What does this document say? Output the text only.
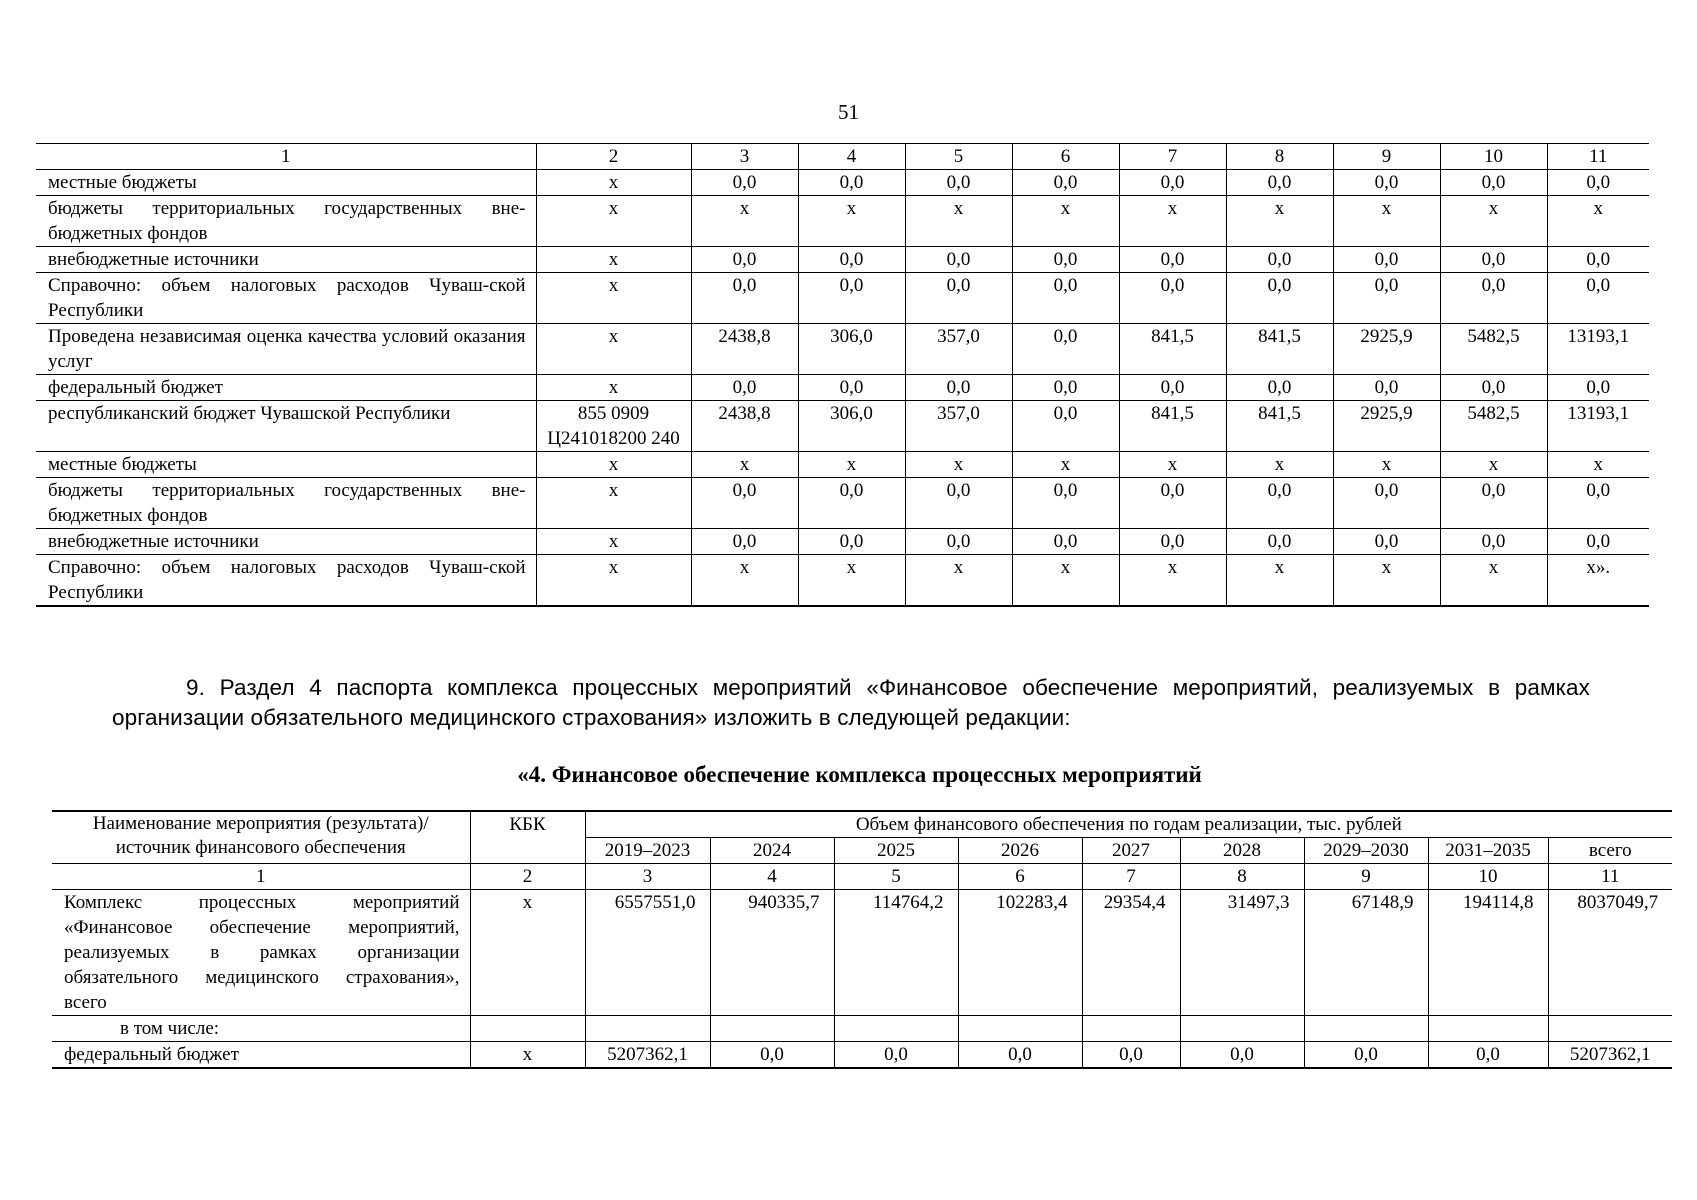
51
1	2	3	4	5	6	7	8	9	10	11
местные бюджеты	x	0,0	0,0	0,0	0,0	0,0	0,0	0,0	0,0	0,0
бюджеты территориальных государственных вне-бюджетных фондов	x	x	x	x	x	x	x	x	x	x
внебюджетные источники	x	0,0	0,0	0,0	0,0	0,0	0,0	0,0	0,0	0,0
Справочно: объем налоговых расходов Чуваш-ской Республики	x	0,0	0,0	0,0	0,0	0,0	0,0	0,0	0,0	0,0
Проведена независимая оценка качества условий оказания услуг	x	2438,8	306,0	357,0	0,0	841,5	841,5	2925,9	5482,5	13193,1
федеральный бюджет	x	0,0	0,0	0,0	0,0	0,0	0,0	0,0	0,0	0,0
республиканский бюджет Чувашской Республики	855 0909 Ц241018200 240	2438,8	306,0	357,0	0,0	841,5	841,5	2925,9	5482,5	13193,1
местные бюджеты	x	x	x	x	x	x	x	x	x	x
бюджеты территориальных государственных вне-бюджетных фондов	x	0,0	0,0	0,0	0,0	0,0	0,0	0,0	0,0	0,0
внебюджетные источники	x	0,0	0,0	0,0	0,0	0,0	0,0	0,0	0,0	0,0
Справочно: объем налоговых расходов Чуваш-ской Республики	x	x	x	x	x	x	x	x	x	x».
9. Раздел 4 паспорта комплекса процессных мероприятий «Финансовое обеспечение мероприятий, реализуемых в рамках организации обязательного медицинского страхования» изложить в следующей редакции:
«4. Финансовое обеспечение комплекса процессных мероприятий
Наименование мероприятия (результата)/ источник финансового обеспечения	КБК	Объем финансового обеспечения по годам реализации, тыс. рублей								
		2019–2023	2024	2025	2026	2027	2028	2029–2030	2031–2035	всего
1	2	3	4	5	6	7	8	9	10	11
Комплекс процессных мероприятий «Финансовое обеспечение мероприятий, реализуемых в рамках организации обязательного медицинского страхования», всего	x	6557551,0	940335,7	114764,2	102283,4	29354,4	31497,3	67148,9	194114,8	8037049,7
в том числе:										
федеральный бюджет	x	5207362,1	0,0	0,0	0,0	0,0	0,0	0,0	0,0	5207362,1
